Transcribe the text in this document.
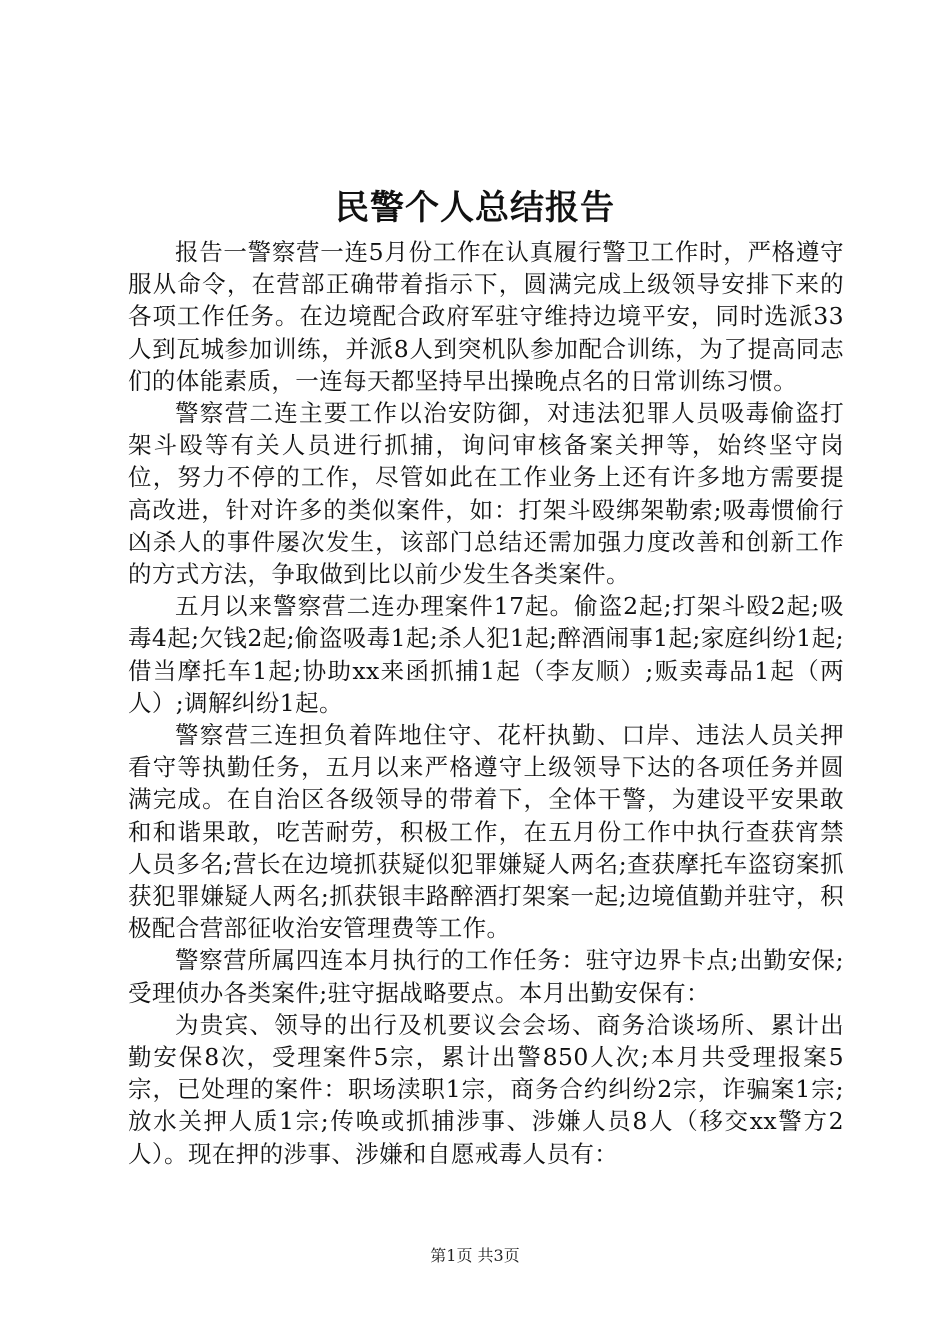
民警个人总结报告

报告一警察营一连5月份工作在认真履行警卫工作时，严格遵守服从命令，在营部正确带着指示下，圆满完成上级领导安排下来的各项工作任务。在边境配合政府军驻守维持边境平安，同时选派33人到瓦城参加训练，并派8人到突机队参加配合训练，为了提高同志们的体能素质，一连每天都坚持早出操晚点名的日常训练习惯。

警察营二连主要工作以治安防御，对违法犯罪人员吸毒偷盗打架斗殴等有关人员进行抓捕，询问审核备案关押等，始终坚守岗位，努力不停的工作，尽管如此在工作业务上还有许多地方需要提高改进，针对许多的类似案件，如：打架斗殴绑架勒索;吸毒惯偷行凶杀人的事件屡次发生，该部门总结还需加强力度改善和创新工作的方式方法，争取做到比以前少发生各类案件。

五月以来警察营二连办理案件17起。偷盗2起;打架斗殴2起;吸毒4起;欠钱2起;偷盗吸毒1起;杀人犯1起;醉酒闹事1起;家庭纠纷1起;借当摩托车1起;协助xx来函抓捕1起（李友顺）;贩卖毒品1起（两人）;调解纠纷1起。

警察营三连担负着阵地住守、花杆执勤、口岸、违法人员关押看守等执勤任务，五月以来严格遵守上级领导下达的各项任务并圆满完成。在自治区各级领导的带着下，全体干警，为建设平安果敢和和谐果敢，吃苦耐劳，积极工作，在五月份工作中执行查获宵禁人员多名;营长在边境抓获疑似犯罪嫌疑人两名;查获摩托车盗窃案抓获犯罪嫌疑人两名;抓获银丰路醉酒打架案一起;边境值勤并驻守，积极配合营部征收治安管理费等工作。

警察营所属四连本月执行的工作任务：驻守边界卡点;出勤安保;受理侦办各类案件;驻守据战略要点。本月出勤安保有：

为贵宾、领导的出行及机要议会会场、商务洽谈场所、累计出勤安保8次，受理案件5宗，累计出警850人次;本月共受理报案5宗，已处理的案件：职场渎职1宗，商务合约纠纷2宗，诈骗案1宗;放水关押人质1宗;传唤或抓捕涉事、涉嫌人员8人（移交xx警方2人）。现在押的涉事、涉嫌和自愿戒毒人员有：

第1页 共3页
